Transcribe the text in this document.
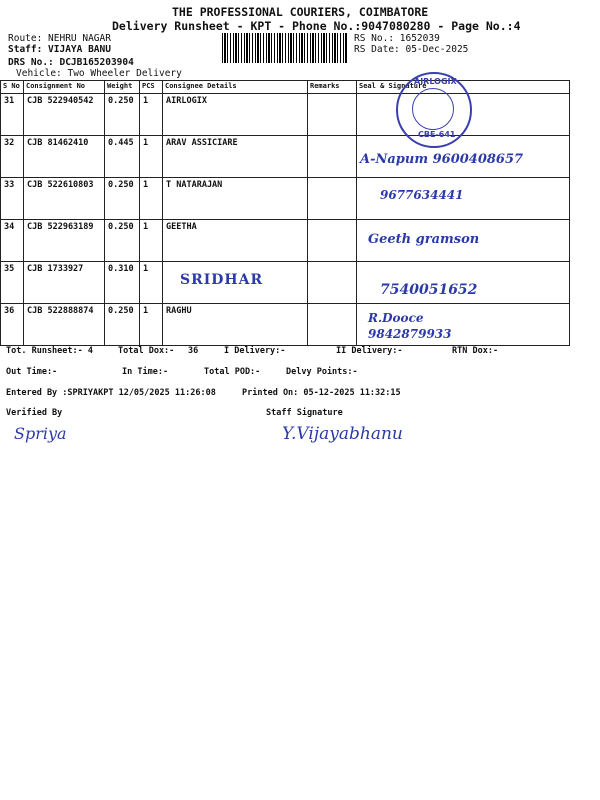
THE PROFESSIONAL COURIERS, COIMBATORE
Delivery Runsheet - KPT - Phone No.:9047080280 - Page No.:4
Route: NEHRU NAGAR
Staff: VIJAYA BANU
DRS No.: DCJB165203904
Vehicle: Two Wheeler Delivery
RS No.: 1652039
RS Date: 05-Dec-2025
S No	Consignment No	Weight	PCS	Consignee Details	Remarks	Seal & Signature
31	CJB 522940542	0.250	1	AIRLOGIX		
32	CJB 81462410	0.445	1	ARAV ASSICIARE		A-Napum 9600408657
33	CJB 522610803	0.250	1	T NATARAJAN		9677634441
34	CJB 522963189	0.250	1	GEETHA		Geeth gramson
35	CJB 1733927	0.310	1	SRIDHAR		7540051652
36	CJB 522888874	0.250	1	RAGHU		R.Dooce 9842879933
AIRLOGIX
CBE-641
Tot. Runsheet:- 4	Total Dox:- 36	I Delivery:-	II Delivery:-	RTN Dox:-
Out Time:-	In Time:-	Total POD:-	Delvy Points:-
Entered By :SPRIYAKPT 12/05/2025 11:26:08	Printed On: 05-12-2025 11:32:15
Verified By	Staff Signature
Spriya	Y.Vijayabhanu
